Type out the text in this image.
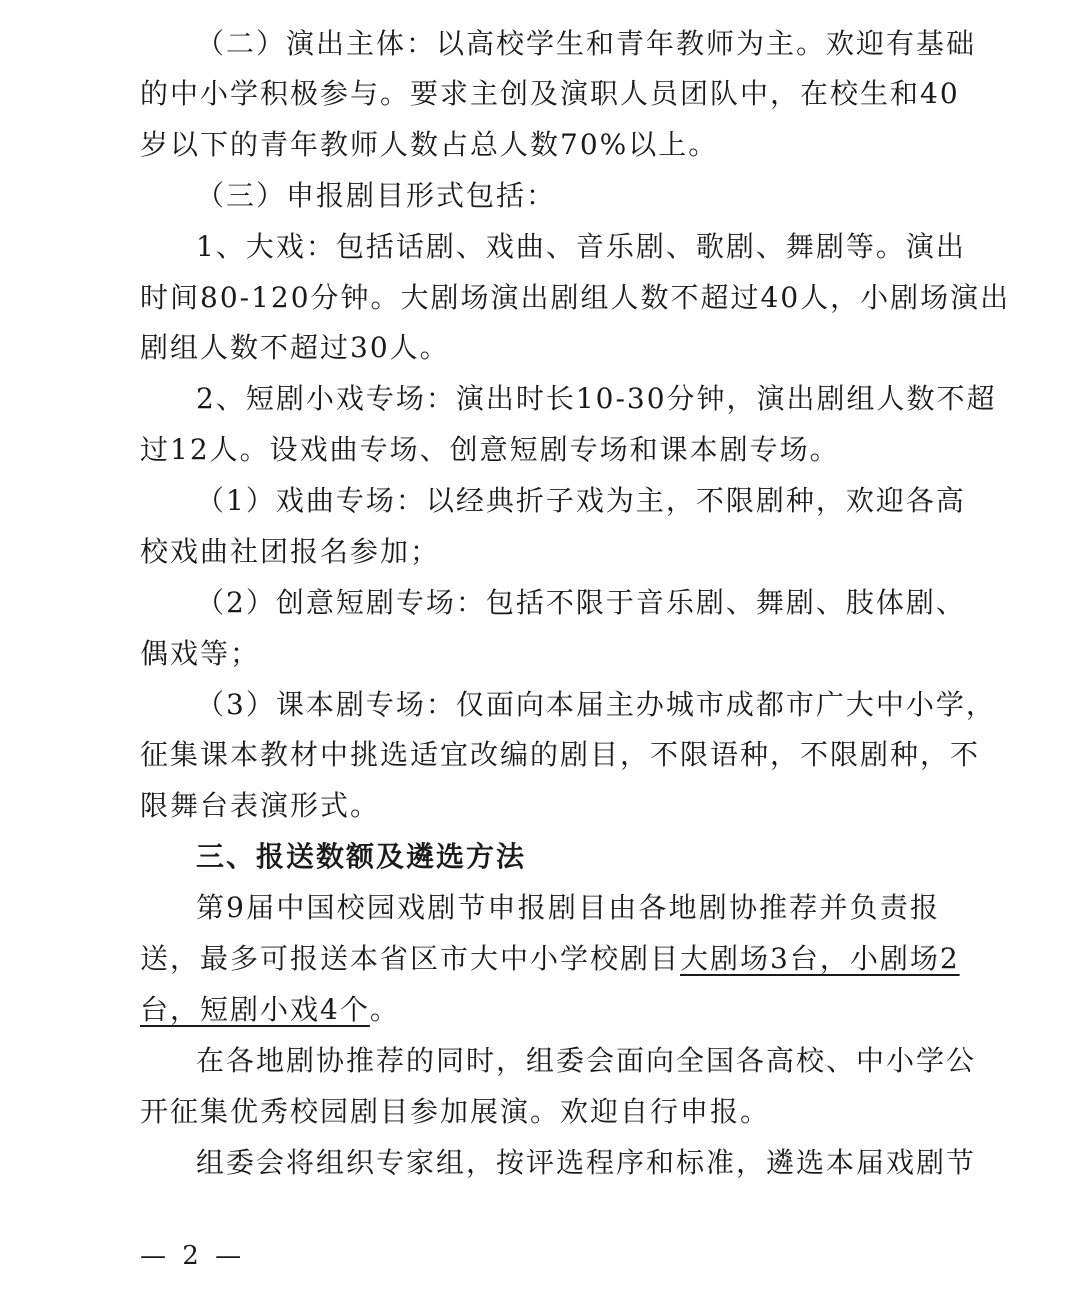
（二）演出主体：以高校学生和青年教师为主。欢迎有基础
的中小学积极参与。要求主创及演职人员团队中，在校生和40
岁以下的青年教师人数占总人数70%以上。
（三）申报剧目形式包括：
1、大戏：包括话剧、戏曲、音乐剧、歌剧、舞剧等。演出
时间80-120分钟。大剧场演出剧组人数不超过40人，小剧场演出
剧组人数不超过30人。
2、短剧小戏专场：演出时长10-30分钟，演出剧组人数不超
过12人。设戏曲专场、创意短剧专场和课本剧专场。
（1）戏曲专场：以经典折子戏为主，不限剧种，欢迎各高
校戏曲社团报名参加；
（2）创意短剧专场：包括不限于音乐剧、舞剧、肢体剧、
偶戏等；
（3）课本剧专场：仅面向本届主办城市成都市广大中小学，
征集课本教材中挑选适宜改编的剧目，不限语种，不限剧种，不
限舞台表演形式。
三、报送数额及遴选方法
第9届中国校园戏剧节申报剧目由各地剧协推荐并负责报
送，最多可报送本省区市大中小学校剧目大剧场3台，小剧场2
台，短剧小戏4个。
在各地剧协推荐的同时，组委会面向全国各高校、中小学公
开征集优秀校园剧目参加展演。欢迎自行申报。
组委会将组织专家组，按评选程序和标准，遴选本届戏剧节
— 2 —
